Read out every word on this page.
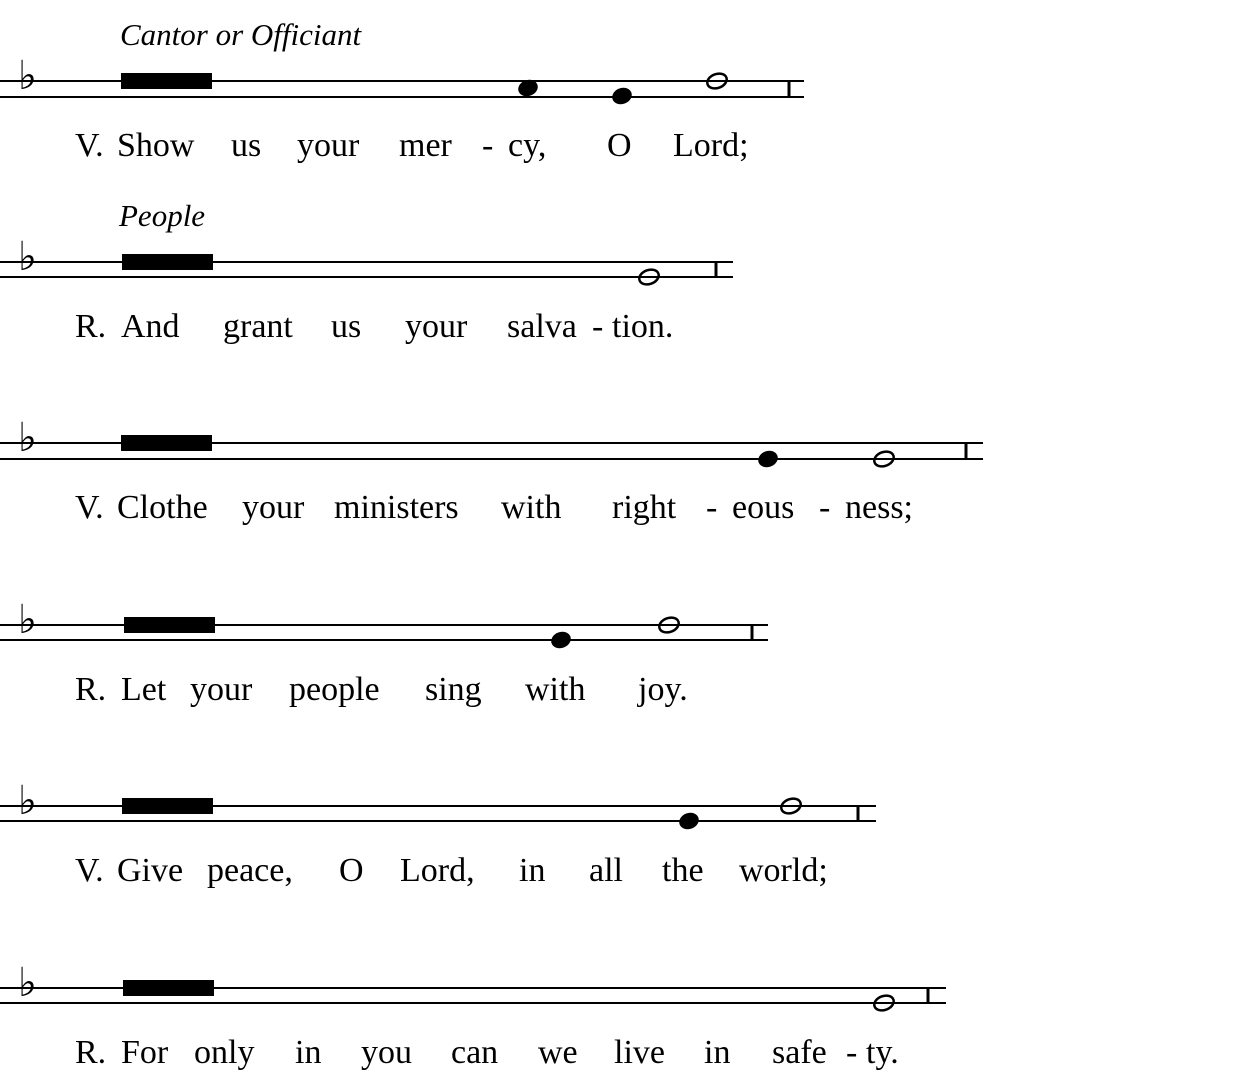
Cantor or Officiant
♭
V. Show us your mer - cy, O Lord;
People
♭
R. And grant us your salva - tion.
♭
V. Clothe your ministers with right - eous - ness;
♭
R. Let your people sing with joy.
♭
V. Give peace, O Lord, in all the world;
♭
R. For only in you can we live in safe - ty.
